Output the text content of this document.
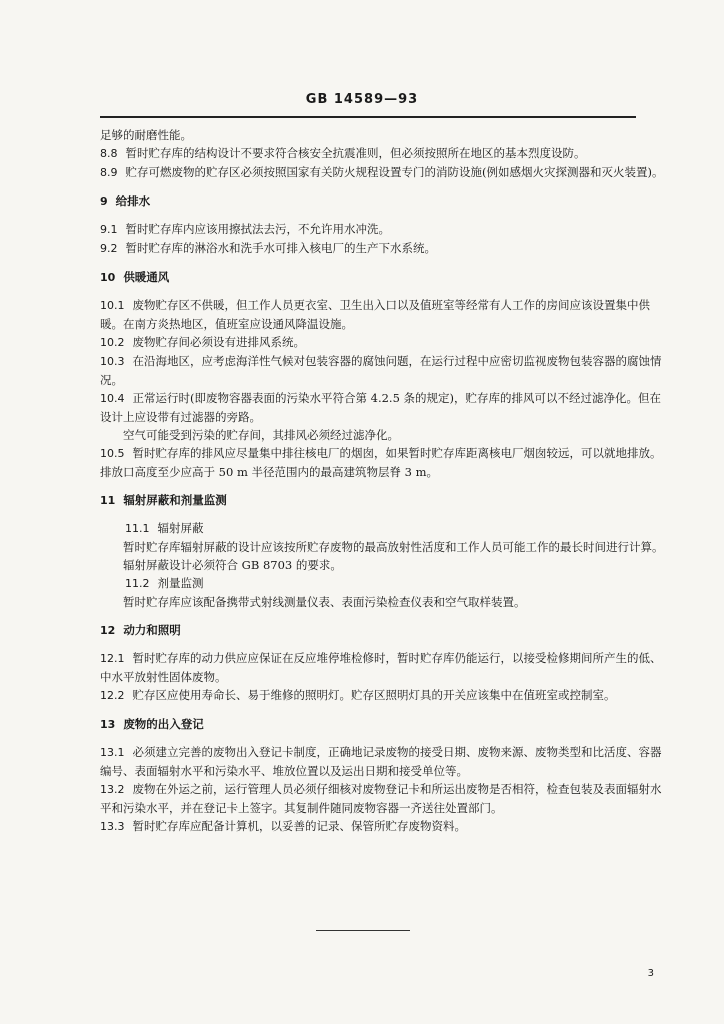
GB 14589—93
足够的耐磨性能。
8.8 暂时贮存库的结构设计不要求符合核安全抗震准则，但必须按照所在地区的基本烈度设防。
8.9 贮存可燃废物的贮存区必须按照国家有关防火规程设置专门的消防设施(例如感烟火灾探测器和灭火装置)。
9 给排水
9.1 暂时贮存库内应该用擦拭法去污，不允许用水冲洗。
9.2 暂时贮存库的淋浴水和洗手水可排入核电厂的生产下水系统。
10 供暖通风
10.1 废物贮存区不供暖，但工作人员更衣室、卫生出入口以及值班室等经常有人工作的房间应该设置集中供暖。在南方炎热地区，值班室应设通风降温设施。
10.2 废物贮存间必须设有进排风系统。
10.3 在沿海地区，应考虑海洋性气候对包装容器的腐蚀问题，在运行过程中应密切监视废物包装容器的腐蚀情况。
10.4 正常运行时(即废物容器表面的污染水平符合第 4.2.5 条的规定)，贮存库的排风可以不经过滤净化。但在设计上应设带有过滤器的旁路。
空气可能受到污染的贮存间，其排风必须经过滤净化。
10.5 暂时贮存库的排风应尽量集中排往核电厂的烟囱，如果暂时贮存库距离核电厂烟囱较远，可以就地排放。排放口高度至少应高于 50 m 半径范围内的最高建筑物层脊 3 m。
11 辐射屏蔽和剂量监测
11.1 辐射屏蔽
暂时贮存库辐射屏蔽的设计应该按所贮存废物的最高放射性活度和工作人员可能工作的最长时间进行计算。
辐射屏蔽设计必须符合 GB 8703 的要求。
11.2 剂量监测
暂时贮存库应该配备携带式射线测量仪表、表面污染检查仪表和空气取样装置。
12 动力和照明
12.1 暂时贮存库的动力供应应保证在反应堆停堆检修时，暂时贮存库仍能运行，以接受检修期间所产生的低、中水平放射性固体废物。
12.2 贮存区应使用寿命长、易于维修的照明灯。贮存区照明灯具的开关应该集中在值班室或控制室。
13 废物的出入登记
13.1 必须建立完善的废物出入登记卡制度，正确地记录废物的接受日期、废物来源、废物类型和比活度、容器编号、表面辐射水平和污染水平、堆放位置以及运出日期和接受单位等。
13.2 废物在外运之前，运行管理人员必须仔细核对废物登记卡和所运出废物是否相符，检查包装及表面辐射水平和污染水平，并在登记卡上签字。其复制件随同废物容器一齐送往处置部门。
13.3 暂时贮存库应配备计算机，以妥善的记录、保管所贮存废物资料。
3
